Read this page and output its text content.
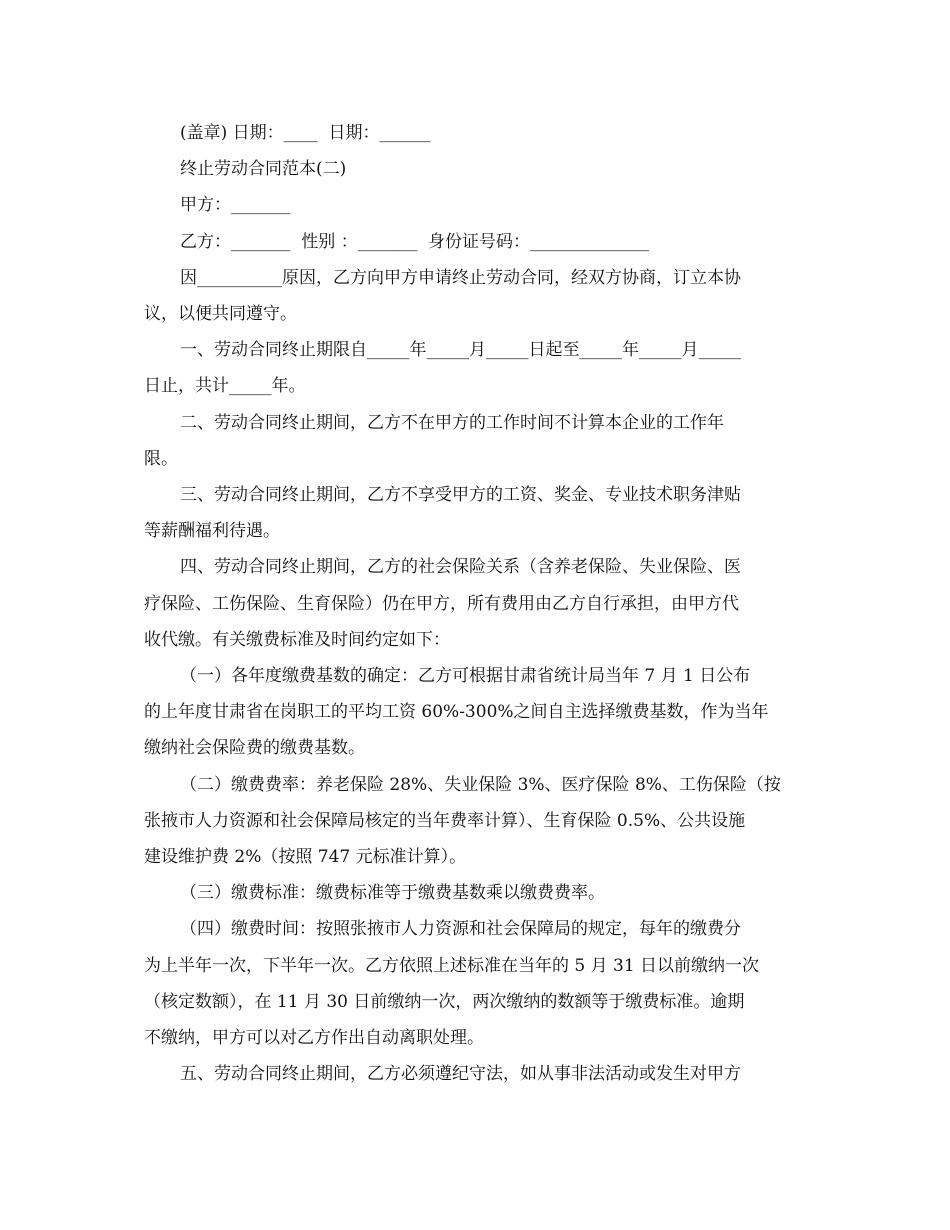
(盖章) 日期：____  日期：______

终止劳动合同范本(二)

甲方：_______

乙方：_______  性别 ：_______  身份证号码：______________

因__________原因，乙方向甲方申请终止劳动合同，经双方协商，订立本协

议，以便共同遵守。

一、劳动合同终止期限自_____年_____月_____日起至_____年_____月_____

日止，共计_____年。

二、劳动合同终止期间，乙方不在甲方的工作时间不计算本企业的工作年

限。

三、劳动合同终止期间，乙方不享受甲方的工资、奖金、专业技术职务津贴

等薪酬福利待遇。

四、劳动合同终止期间，乙方的社会保险关系（含养老保险、失业保险、医

疗保险、工伤保险、生育保险）仍在甲方，所有费用由乙方自行承担，由甲方代

收代缴。有关缴费标准及时间约定如下：

（一）各年度缴费基数的确定：乙方可根据甘肃省统计局当年 7 月 1 日公布

的上年度甘肃省在岗职工的平均工资 60%-300%之间自主选择缴费基数，作为当年

缴纳社会保险费的缴费基数。

（二）缴费费率：养老保险 28%、失业保险 3%、医疗保险 8%、工伤保险（按

张掖市人力资源和社会保障局核定的当年费率计算）、生育保险 0.5%、公共设施

建设维护费 2%（按照 747 元标准计算）。

（三）缴费标准：缴费标准等于缴费基数乘以缴费费率。

（四）缴费时间：按照张掖市人力资源和社会保障局的规定，每年的缴费分

为上半年一次，下半年一次。乙方依照上述标准在当年的 5 月 31 日以前缴纳一次

（核定数额），在 11 月 30 日前缴纳一次，两次缴纳的数额等于缴费标准。逾期

不缴纳，甲方可以对乙方作出自动离职处理。

五、劳动合同终止期间，乙方必须遵纪守法，如从事非法活动或发生对甲方
